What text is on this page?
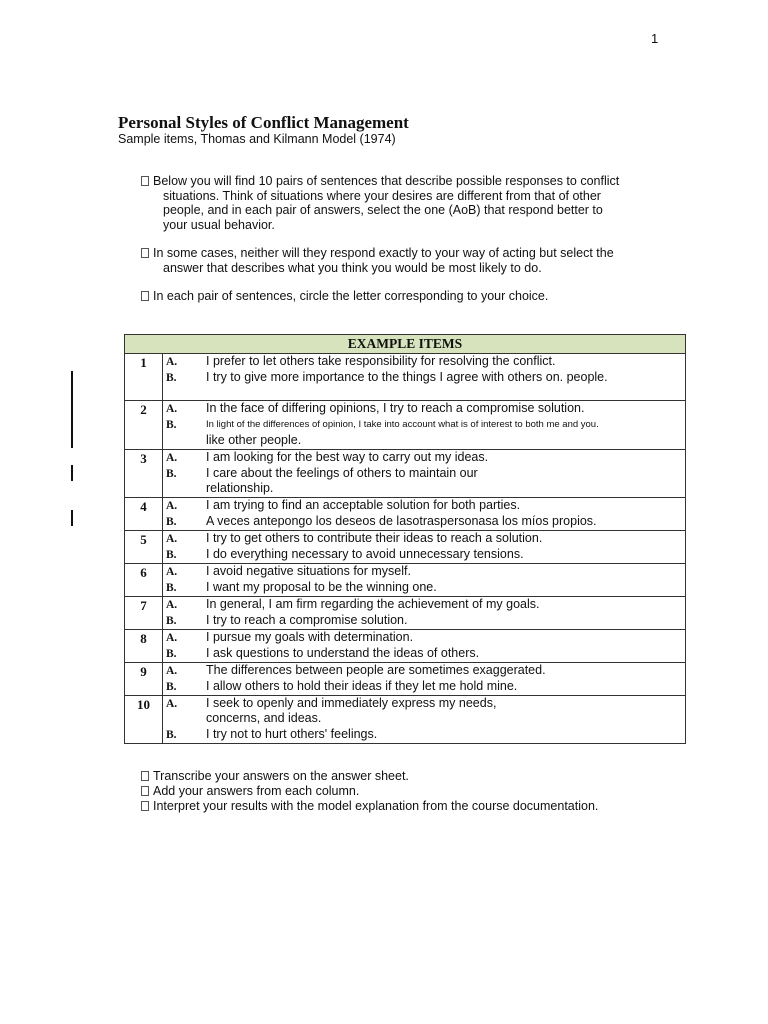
1
Personal Styles of Conflict Management
Sample items, Thomas and Kilmann Model (1974)
Below you will find 10 pairs of sentences that describe possible responses to conflict situations. Think of situations where your desires are different from that of other people, and in each pair of answers, select the one (AoB) that respond better to your usual behavior.
In some cases, neither will they respond exactly to your way of acting but select the answer that describes what you think you would be most likely to do.
In each pair of sentences, circle the letter corresponding to your choice.
EXAMPLE ITEMS	
1	A. I prefer to let others take responsibility for resolving the conflict.
B. I try to give more importance to the things I agree with others on. people.

2	A. In the face of differing opinions, I try to reach a compromise solution.
B. In light of the differences of opinion, I take into account what is of interest to both me and you.
like other people.

3	A. I am looking for the best way to carry out my ideas.
B. I care about the feelings of others to maintain our relationship.

4	A. I am trying to find an acceptable solution for both parties.
B. A veces antepongo los deseos de lasotraspersonasa los míos propios.

5	A. I try to get others to contribute their ideas to reach a solution.
B. I do everything necessary to avoid unnecessary tensions.

6	A. I avoid negative situations for myself.
B. I want my proposal to be the winning one.

7	A. In general, I am firm regarding the achievement of my goals.
B. I try to reach a compromise solution.

8	A. I pursue my goals with determination.
B. I ask questions to understand the ideas of others.

9	A. The differences between people are sometimes exaggerated.
B. I allow others to hold their ideas if they let me hold mine.

10	A. I seek to openly and immediately express my needs, concerns, and ideas.
B. I try not to hurt others' feelings.
Transcribe your answers on the answer sheet.
Add your answers from each column.
Interpret your results with the model explanation from the course documentation.
